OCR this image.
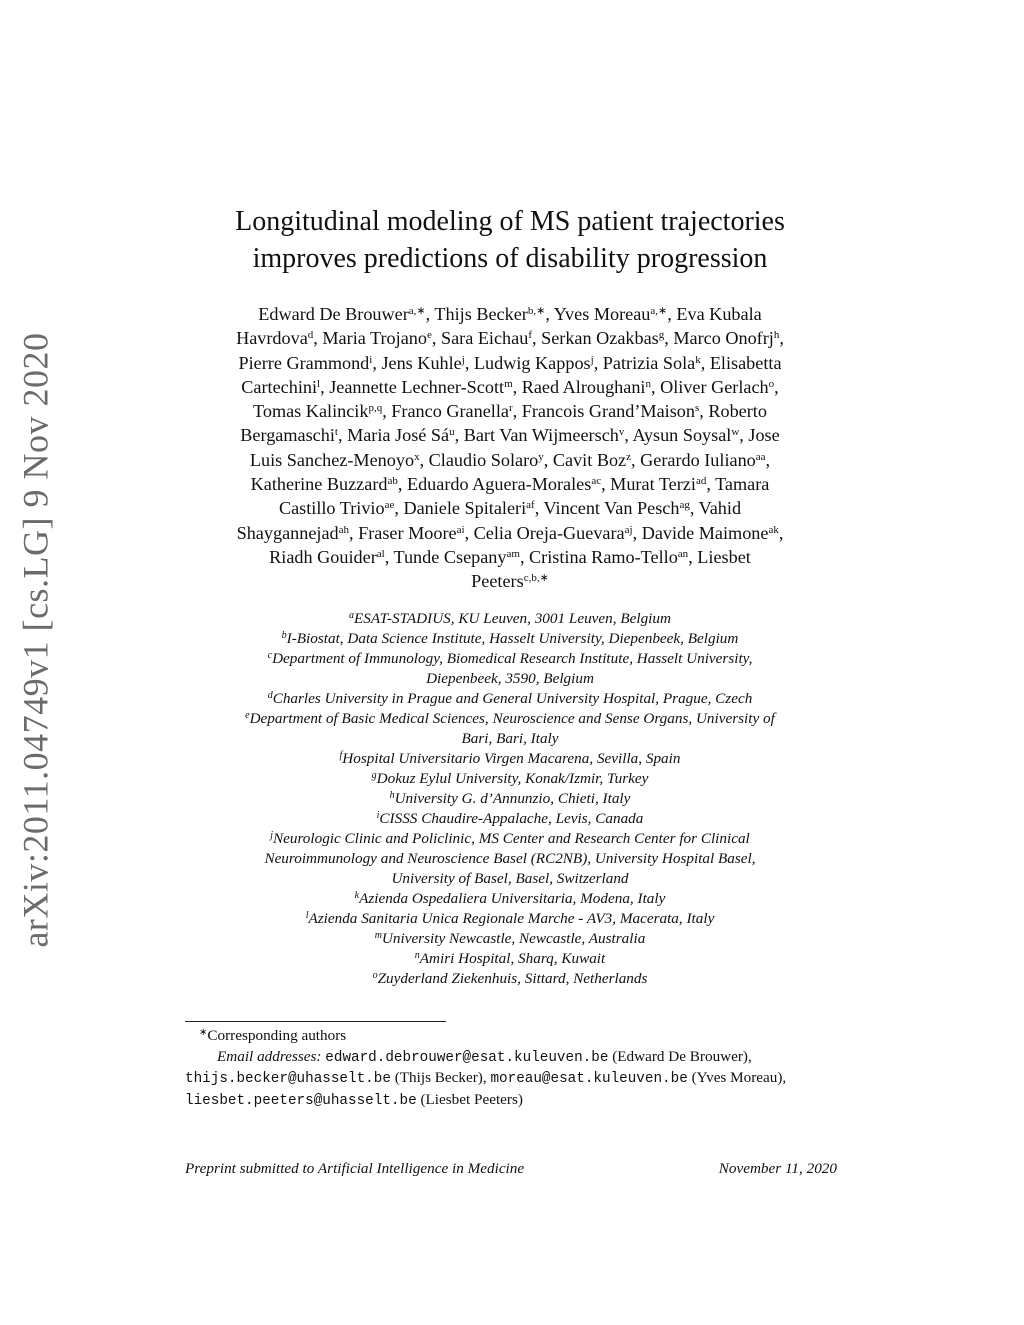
arXiv:2011.04749v1 [cs.LG] 9 Nov 2020
Longitudinal modeling of MS patient trajectories
improves predictions of disability progression
Edward De Brouwer$^{a,∗}$, Thijs Becker$^{b,∗}$, Yves Moreau$^{a,∗}$, Eva Kubala
Havrdova$^d$, Maria Trojano$^e$, Sara Eichau$^f$, Serkan Ozakbas$^g$, Marco Onofrj$^h$,
Pierre Grammond$^i$, Jens Kuhle$^j$, Ludwig Kappos$^j$, Patrizia Sola$^k$, Elisabetta
Cartechini$^l$, Jeannette Lechner-Scott$^m$, Raed Alroughani$^n$, Oliver Gerlach$^o$,
Tomas Kalincik$^{p,q}$, Franco Granella$^r$, Francois Grand’Maison$^s$, Roberto
Bergamaschi$^t$, Maria José $Sá^u$, Bart Van Wijmeersch$^v$, Aysun Soysal$^w$, Jose
Luis Sanchez-Menoyo$^x$, Claudio Solaro$^y$, Cavit Boz$^z$, Gerardo Iuliano$^{aa}$,
Katherine Buzzard$^{ab}$, Eduardo Aguera-Morales$^{ac}$, Murat Terzi$^{ad}$, Tamara
Castillo Trivio$^{ae}$, Daniele Spitaleri$^{af}$, Vincent Van Pesch$^{ag}$, Vahid
Shaygannejad$^{ah}$, Fraser Moore$^{ai}$, Celia Oreja-Guevara$^{aj}$, Davide Maimone$^{ak}$,
Riadh Gouider$^{al}$, Tunde Csepany$^{am}$, Cristina Ramo-Tello$^{an}$, Liesbet
Peeters$^{c,b,∗}$
$^a$ESAT-STADIUS, KU Leuven, 3001 Leuven, Belgium
$^b$I-Biostat, Data Science Institute, Hasselt University, Diepenbeek, Belgium
$^c$Department of Immunology, Biomedical Research Institute, Hasselt University,
Diepenbeek, 3590, Belgium
$^d$Charles University in Prague and General University Hospital, Prague, Czech
$^e$Department of Basic Medical Sciences, Neuroscience and Sense Organs, University of
Bari, Bari, Italy
$^f$Hospital Universitario Virgen Macarena, Sevilla, Spain
$^g$Dokuz Eylul University, Konak/Izmir, Turkey
$^h$University G. d’Annunzio, Chieti, Italy
$^i$CISSS Chaudire-Appalache, Levis, Canada
$^j$Neurologic Clinic and Policlinic, MS Center and Research Center for Clinical
Neuroimmunology and Neuroscience Basel (RC2NB), University Hospital Basel,
University of Basel, Basel, Switzerland
$^k$Azienda Ospedaliera Universitaria, Modena, Italy
$^l$Azienda Sanitaria Unica Regionale Marche - AV3, Macerata, Italy
$^m$University Newcastle, Newcastle, Australia
$^n$Amiri Hospital, Sharq, Kuwait
$^o$Zuyderland Ziekenhuis, Sittard, Netherlands
∗Corresponding authors
Email addresses: edward.debrouwer@esat.kuleuven.be (Edward De Brouwer),
thijs.becker@uhasselt.be (Thijs Becker), moreau@esat.kuleuven.be (Yves Moreau),
liesbet.peeters@uhasselt.be (Liesbet Peeters)
Preprint submitted to Artificial Intelligence in Medicine	November 11, 2020
